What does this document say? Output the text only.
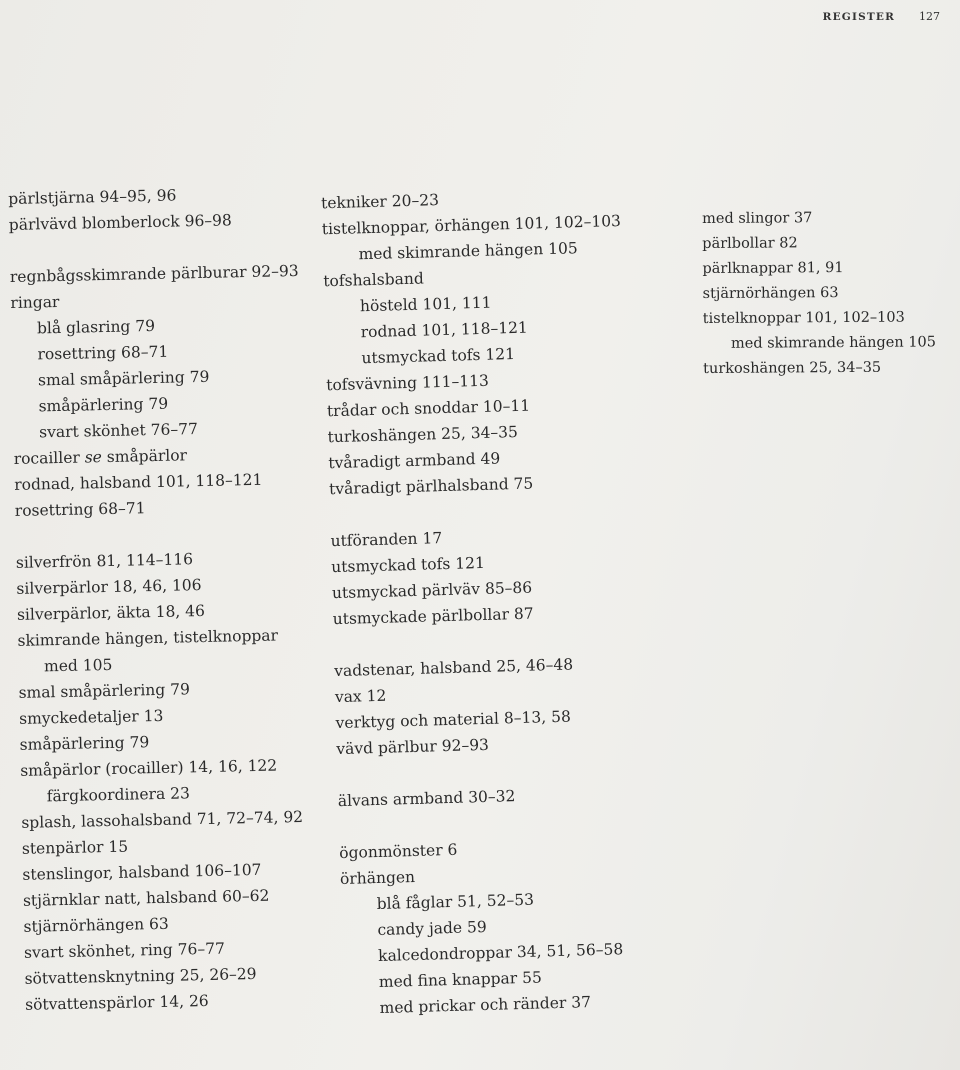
REGISTER 127
pärlstjärna 94–95, 96
pärlvävd blomberlock 96–98
regnbågsskimrande pärlburar 92–93
ringar
blå glasring 79
rosettring 68–71
smal småpärlering 79
småpärlering 79
svart skönhet 76–77
rocailler se småpärlor
rodnad, halsband 101, 118–121
rosettring 68–71
silverfrön 81, 114–116
silverpärlor 18, 46, 106
silverpärlor, äkta 18, 46
skimrande hängen, tistelknoppar
med 105
smal småpärlering 79
smyckedetaljer 13
småpärlering 79
småpärlor (rocailler) 14, 16, 122
färgkoordinera 23
splash, lassohalsband 71, 72–74, 92
stenpärlor 15
stenslingor, halsband 106–107
stjärnklar natt, halsband 60–62
stjärnörhängen 63
svart skönhet, ring 76–77
sötvattensknytning 25, 26–29
sötvattenspärlor 14, 26
tekniker 20–23
tistelknoppar, örhängen 101, 102–103
med skimrande hängen 105
tofshalsband
hösteld 101, 111
rodnad 101, 118–121
utsmyckad tofs 121
tofsvävning 111–113
trådar och snoddar 10–11
turkoshängen 25, 34–35
tvåradigt armband 49
tvåradigt pärlhalsband 75
utföranden 17
utsmyckad tofs 121
utsmyckad pärlväv 85–86
utsmyckade pärlbollar 87
vadstenar, halsband 25, 46–48
vax 12
verktyg och material 8–13, 58
vävd pärlbur 92–93
älvans armband 30–32
ögonmönster 6
örhängen
blå fåglar 51, 52–53
candy jade 59
kalcedondroppar 34, 51, 56–58
med fina knappar 55
med prickar och ränder 37
med slingor 37
pärlbollar 82
pärlknappar 81, 91
stjärnörhängen 63
tistelknoppar 101, 102–103
med skimrande hängen 105
turkoshängen 25, 34–35
